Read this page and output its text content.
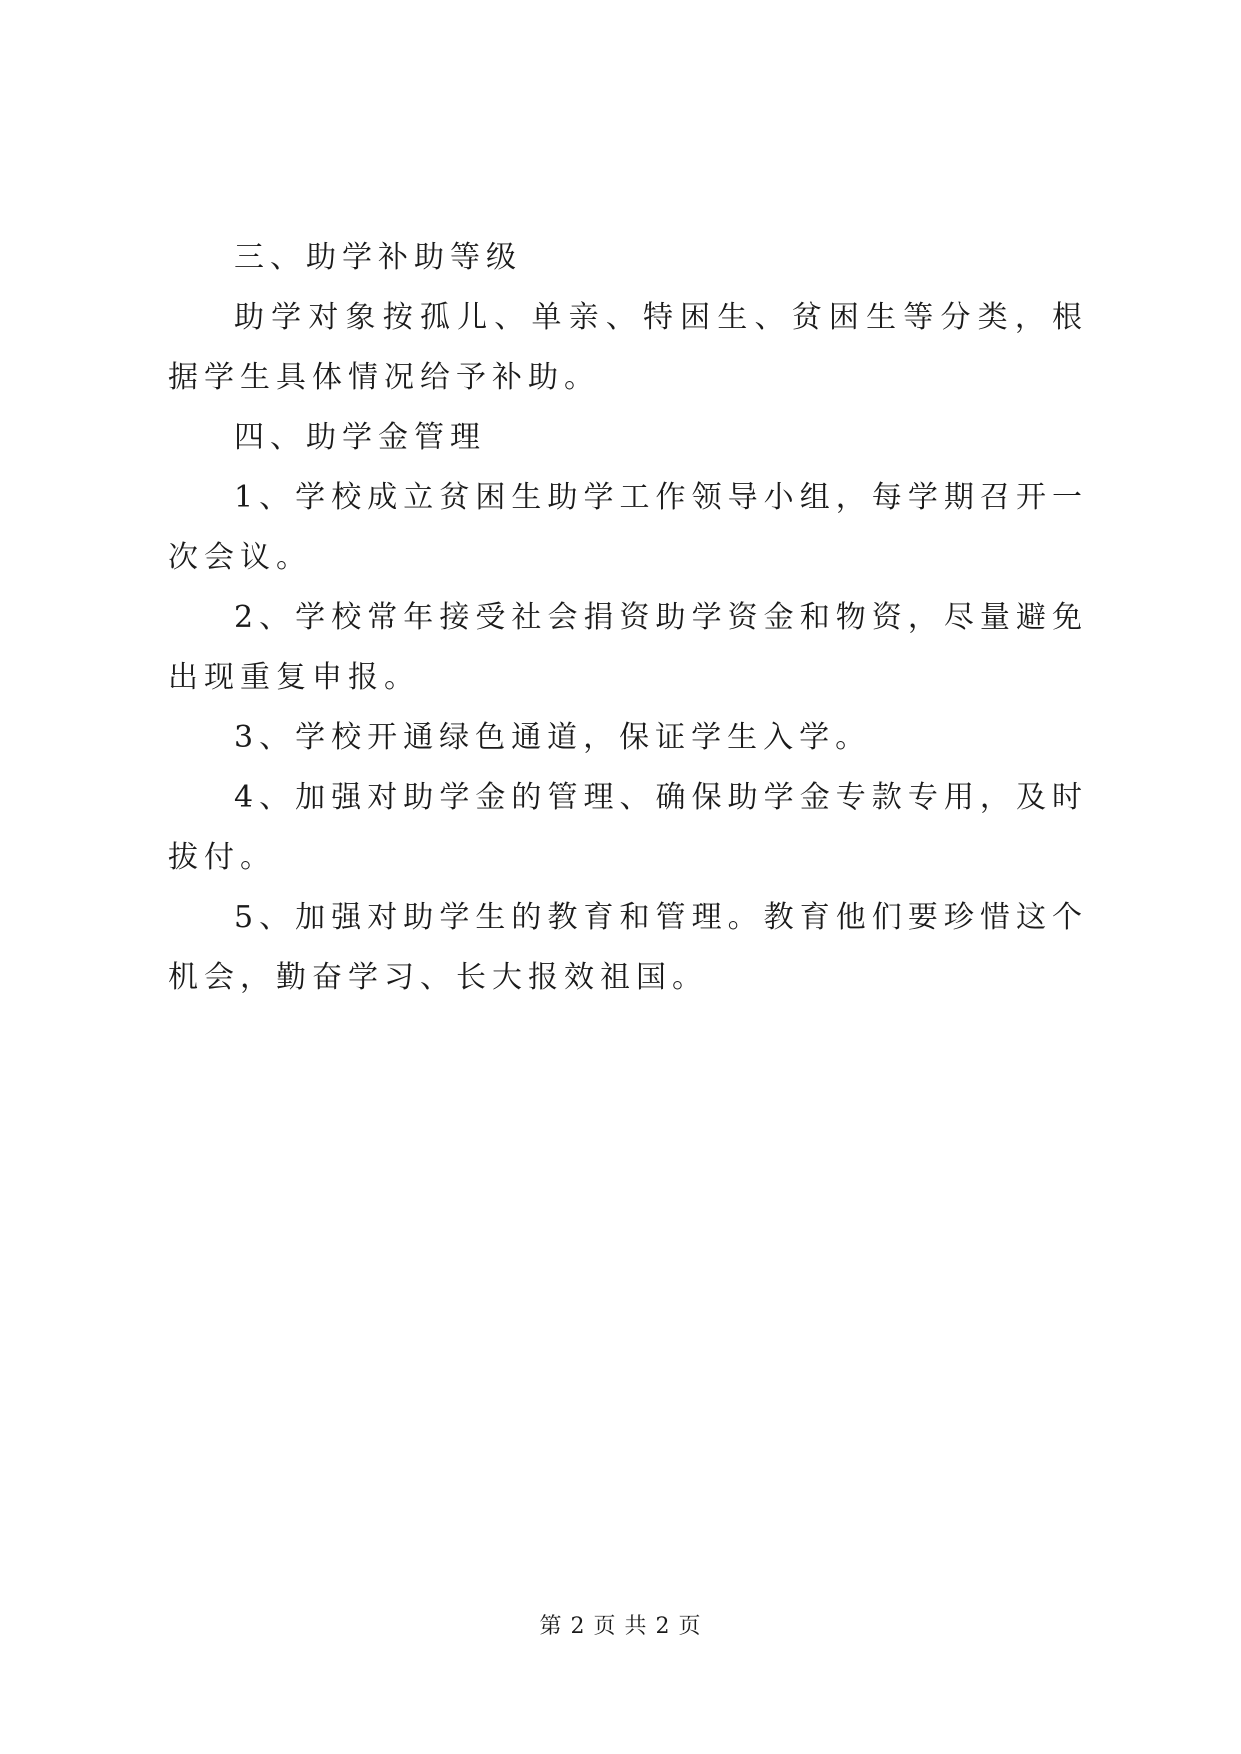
三、助学补助等级

助学对象按孤儿、单亲、特困生、贫困生等分类，根据学生具体情况给予补助。

四、助学金管理

1、学校成立贫困生助学工作领导小组，每学期召开一次会议。

2、学校常年接受社会捐资助学资金和物资，尽量避免出现重复申报。

3、学校开通绿色通道，保证学生入学。

4、加强对助学金的管理、确保助学金专款专用，及时拔付。

5、加强对助学生的教育和管理。教育他们要珍惜这个机会，勤奋学习、长大报效祖国。

第 2 页 共 2 页
